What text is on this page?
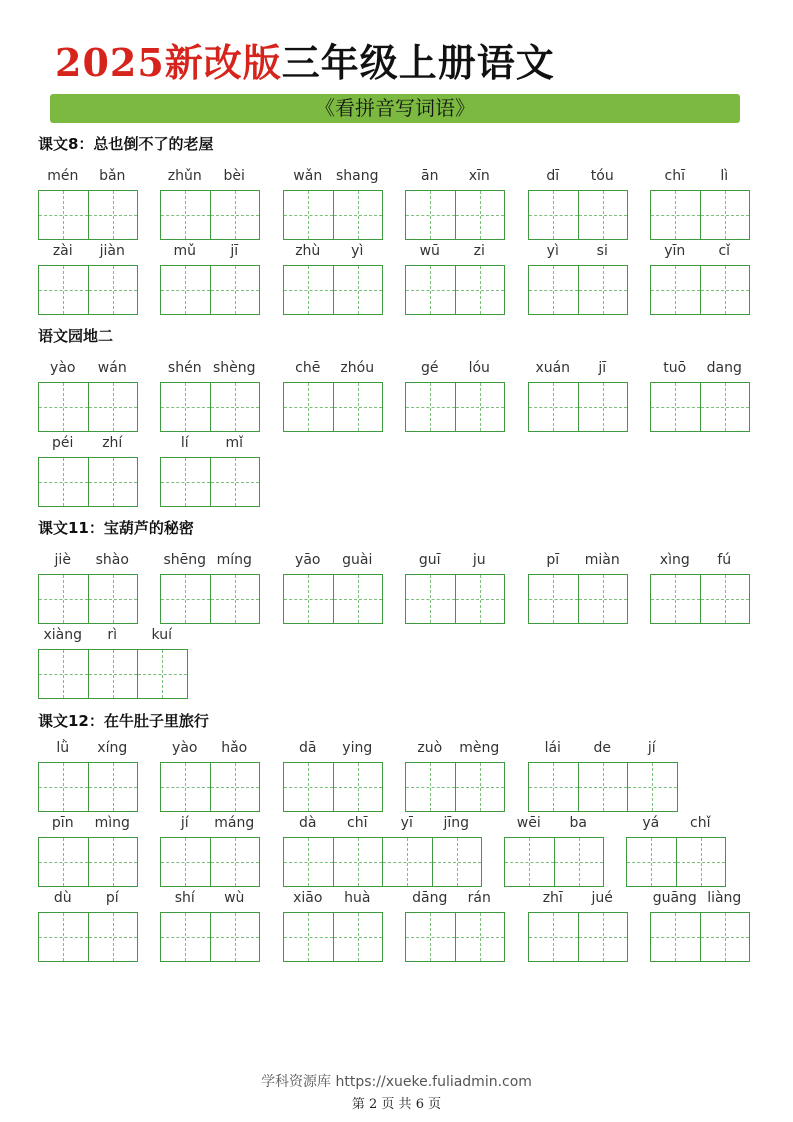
2025新改版三年级上册语文
《看拼音写词语》
课文8：总也倒不了的老屋
mén	bǎn	zhǔn	bèi	wǎn shang	ān	xīn	dī	tóu	chī	lì
zài	jiàn	mǔ	jī	zhù	yì	wū	zi	yì	si	yīn	cǐ
语文园地二
yào	wán	shén shèng	chē	zhóu	gé	lóu	xuán	jī	tuō	dang
péi	zhí	lí	mǐ
课文11：宝葫芦的秘密
jiè	shào	shēng míng	yāo	guài	guī	ju	pī	miàn	xìng	fú
xiàng	rì	kuí
课文12：在牛肚子里旅行
lǜ	xíng	yào	hǎo	dā	ying	zuò	mèng	lái	de	jí
pīn	mìng	jí	máng	dà	chī	yī	jīng	wēi	ba	yá	chǐ
dù	pí	shí	wù	xiāo	huà	dāng	rán	zhī	jué	guāng liàng
学科资源库 https://xueke.fuliadmin.com
第 2 页 共 6 页
